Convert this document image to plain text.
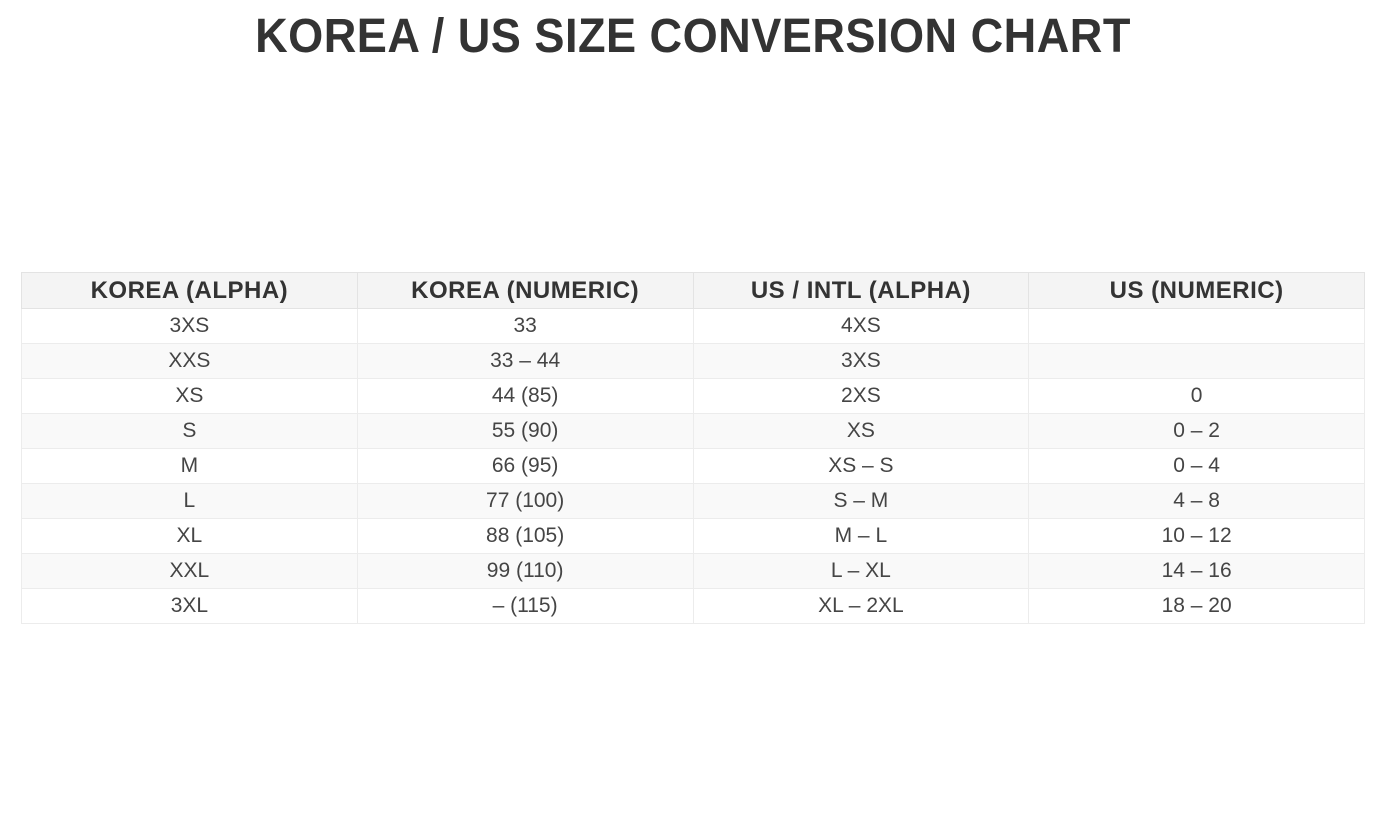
KOREA / US SIZE CONVERSION CHART
KOREA (ALPHA)	KOREA (NUMERIC)	US / INTL (ALPHA)	US (NUMERIC)
3XS	33	4XS	
XXS	33 – 44	3XS	
XS	44 (85)	2XS	0
S	55 (90)	XS	0 – 2
M	66 (95)	XS – S	0 – 4
L	77 (100)	S – M	4 – 8
XL	88 (105)	M – L	10 – 12
XXL	99 (110)	L – XL	14 – 16
3XL	– (115)	XL – 2XL	18 – 20
